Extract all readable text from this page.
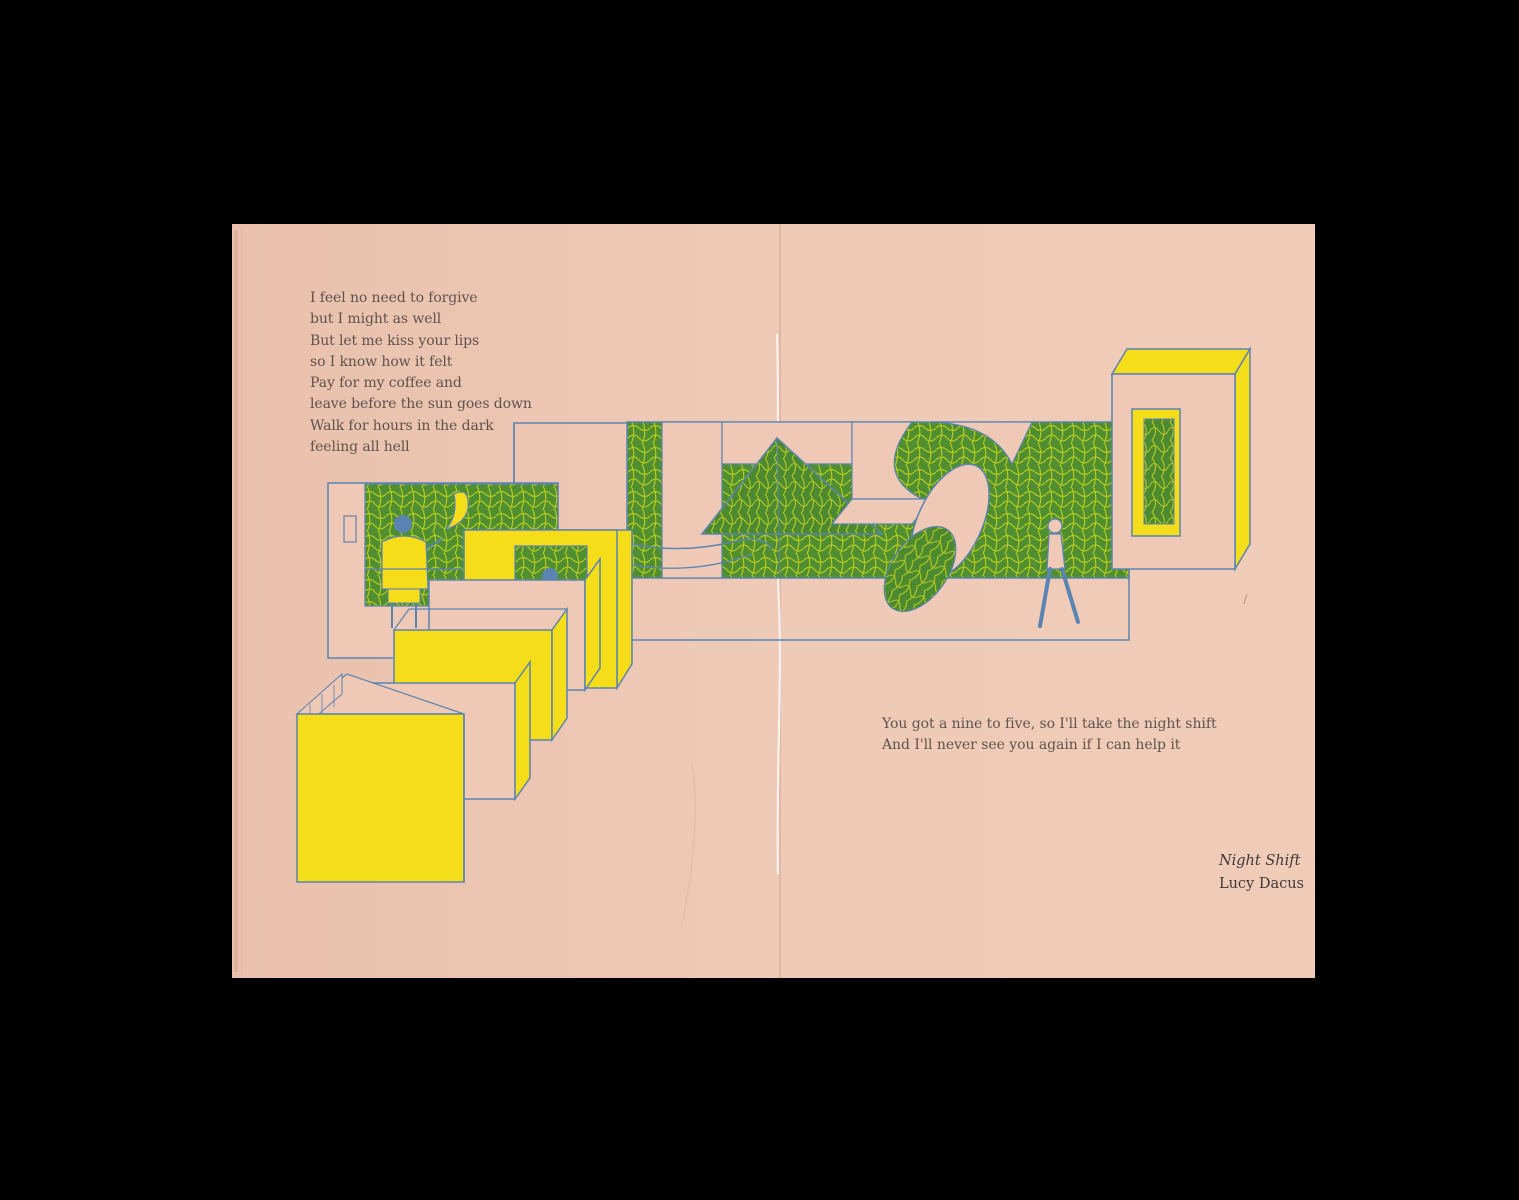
I feel no need to forgive
but I might as well
But let me kiss your lips
so I know how it felt
Pay for my coffee and
leave before the sun goes down
Walk for hours in the dark
feeling all hell

You got a nine to five, so I'll take the night shift
And I'll never see you again if I can help it

Night Shift
Lucy Dacus
